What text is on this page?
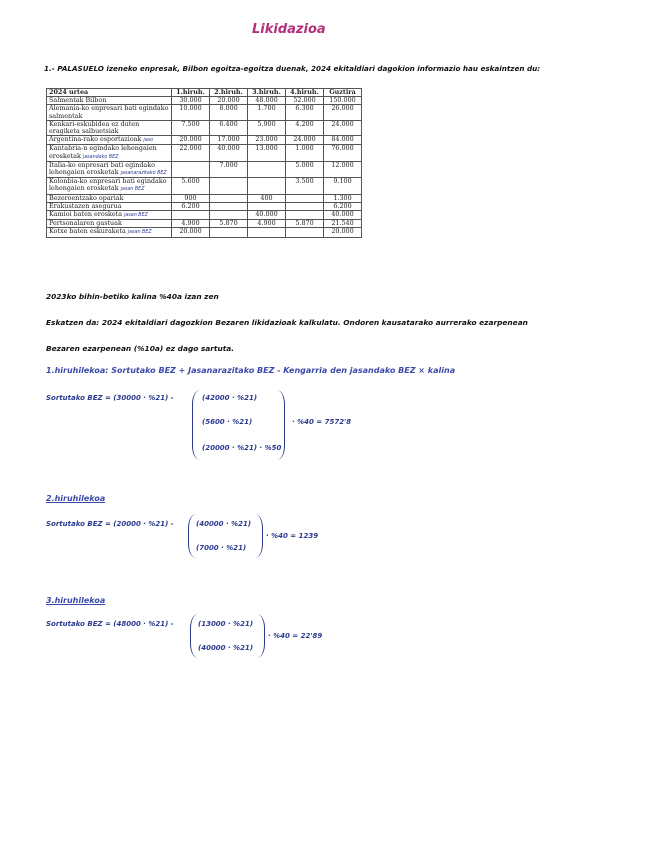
Likidazioa
1.- PALASUELO izeneko enpresak, Bilbon egoitza-egoitza duenak, 2024 ekitaldiari dagokion informazio hau eskaintzen du:
2024 urtea	1.hiruh.	2.hiruh.	3.hiruh.	4.hiruh.	Guztira
Salmentak Bilbon	30.000	20.000	48.000	52.000	150.000
Alemania-ko enpresari bati egindako salmentak	10.000	8.000	1.700	6.300	26.000
Kenkari-eskubidea ez duten eragiketa salbuetsiak	7.500	6.400	5.900	4.200	24.000
Argentina-rako esportazioak jaso	20.000	17.000	23.000	24.000	84.000
Kantabria-n egindako lehengaien erosketak jasandako BEZ	22.000	40.000	13.000	1.000	76.000
Italia-ko enpresari bati egindako lehengaien erosketak jasanarazitako BEZ		7.000		5.000	12.000
Kolonbia-ko enpresari bati egindako lehengaien erosketak jasan BEZ	5.600			3.500	9.100
Bezeroentzako opariak	900		400		1.300
Erakustazen asegurua	6.200				6.200
Kamioi baten erosketa jasan BEZ			40.000		40.000
Pertsonalaren gastuak	4.900	5.870	4.900	5.870	21.540
Kotxe baten eskuraketa jasan BEZ	20.000				20.000
2023ko bihin-betiko kalina %40a izan zen
Eskatzen da: 2024 ekitaldiari dagozkion Bezaren likidazioak kalkulatu. Ondoren kausatarako aurrerako ezarpenean
Bezaren ezarpenean (%10a) ez dago sartuta.
1.hiruhilekoa: Sortutako BEZ + Jasanarazitako BEZ - Kengarria den jasandako BEZ × kalina
Sortutako BEZ = (30000 · %21) -	(42000 · %21)
(5600 · %21)
(20000 · %21) · %50
· %40 = 7572'8
2.hiruhilekoa
Sortutako BEZ = (20000 · %21) -	(40000 · %21)
(7000 · %21)
· %40 = 1239
3.hiruhilekoa
Sortutako BEZ = (48000 · %21) -	(13000 · %21)
(40000 · %21)
· %40 = 22'89
